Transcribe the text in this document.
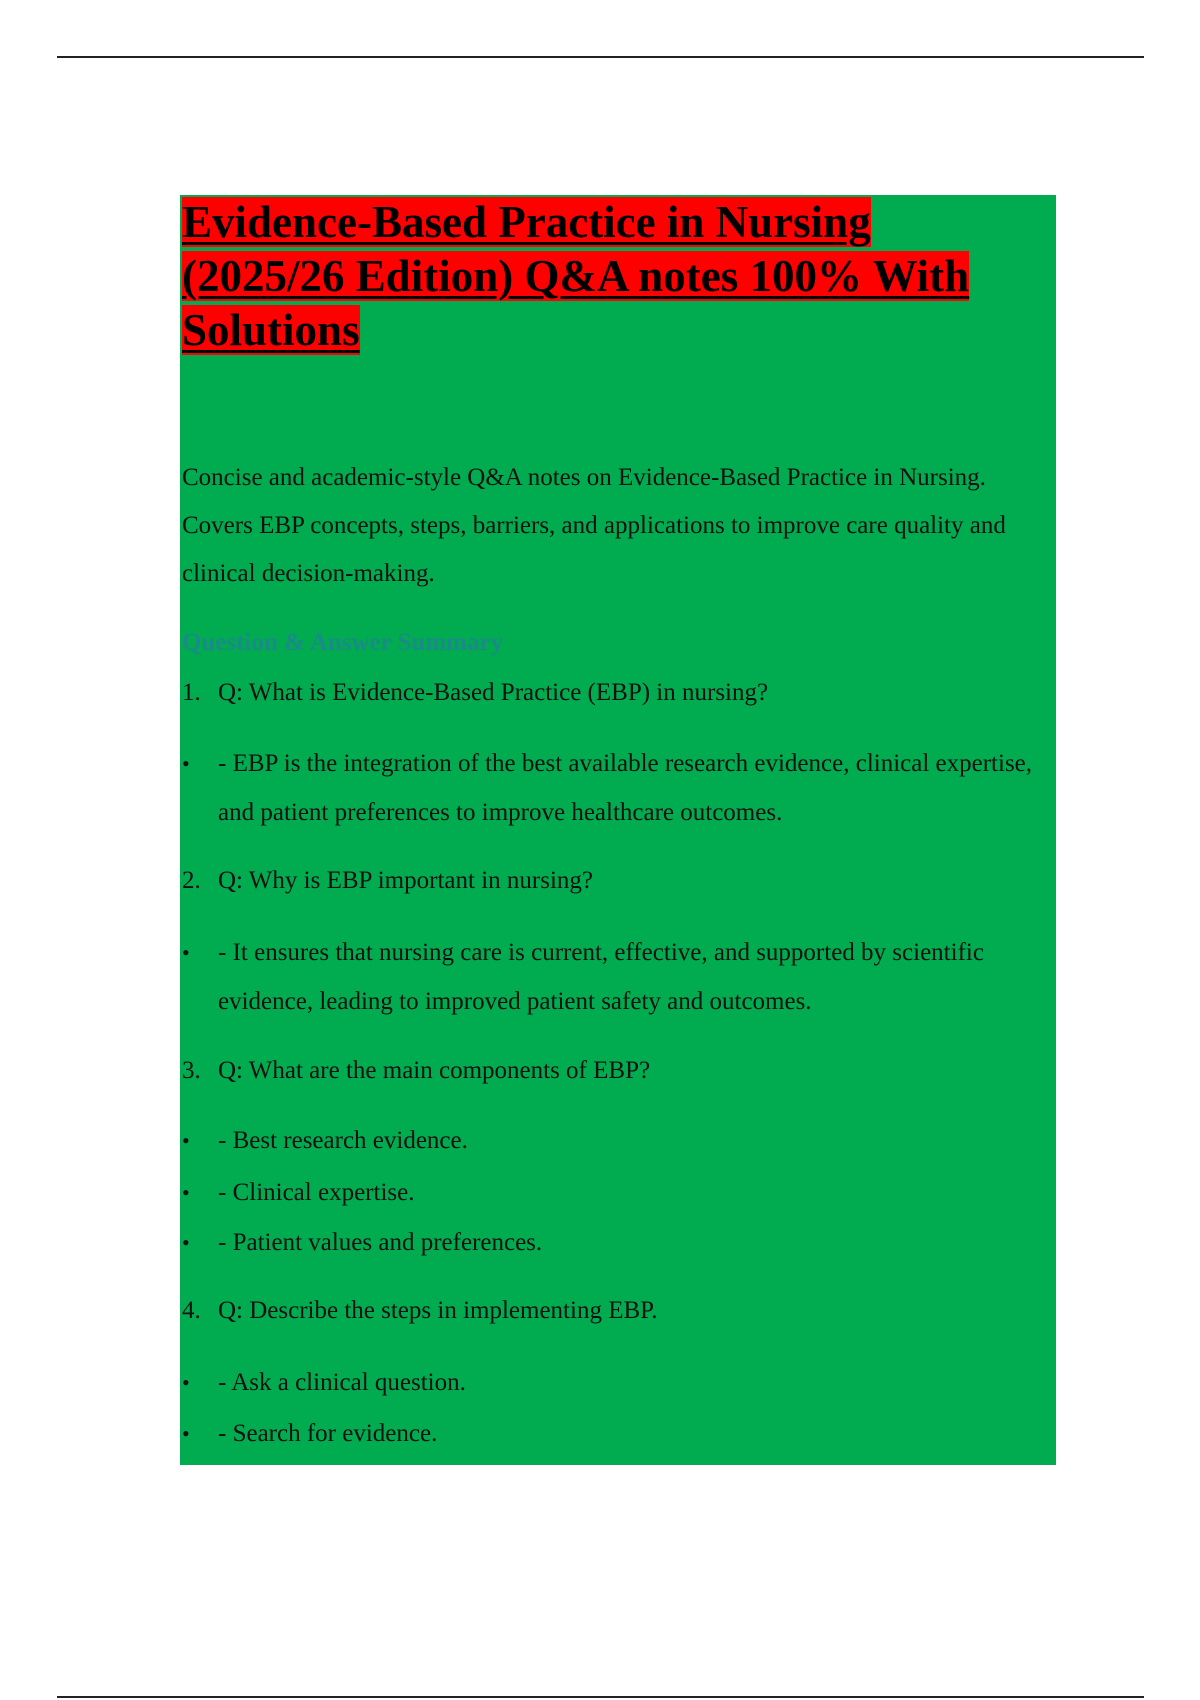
Evidence-Based Practice in Nursing (2025/26 Edition) Q&A notes 100% With Solutions

Concise and academic-style Q&A notes on Evidence-Based Practice in Nursing. Covers EBP concepts, steps, barriers, and applications to improve care quality and clinical decision-making.

Question & Answer Summary

1. Q: What is Evidence-Based Practice (EBP) in nursing?

•	- EBP is the integration of the best available research evidence, clinical expertise, and patient preferences to improve healthcare outcomes.

2. Q: Why is EBP important in nursing?

•	- It ensures that nursing care is current, effective, and supported by scientific evidence, leading to improved patient safety and outcomes.

3. Q: What are the main components of EBP?

•	- Best research evidence.

•	- Clinical expertise.

•	- Patient values and preferences.

4. Q: Describe the steps in implementing EBP.

•	- Ask a clinical question.

•	- Search for evidence.
